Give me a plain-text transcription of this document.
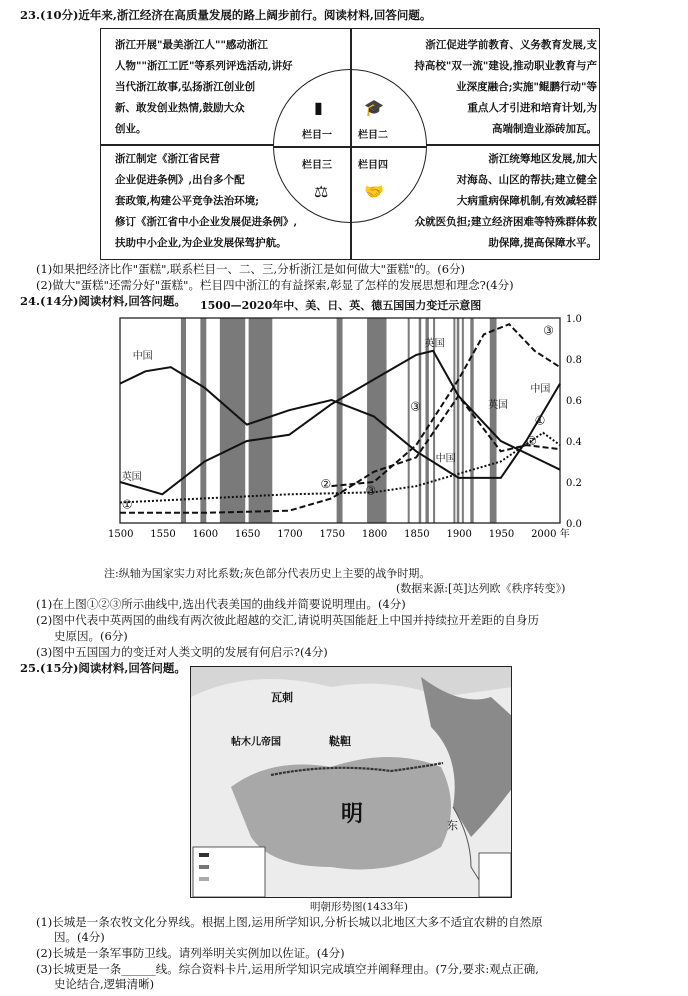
23.(10分)近年来,浙江经济在高质量发展的路上阔步前行。阅读材料,回答问题。
浙江开展"最美浙江人""感动浙江
人物""浙江工匠"等系列评选活动,讲好
当代浙江故事,弘扬浙江创业创
新、敢发创业热情,鼓励大众
创业。
浙江促进学前教育、义务教育发展,支
持高校"双一流"建设,推动职业教育与产
业深度融合;实施"鲲鹏行动"等
重点人才引进和培育计划,为
高端制造业添砖加瓦。
浙江制定《浙江省民营
企业促进条例》,出台多个配
套政策,构建公平竞争法治环境;
修订《浙江省中小企业发展促进条例》,
扶助中小企业,为企业发展保驾护航。
浙江统筹地区发展,加大
对海岛、山区的帮扶;建立健全
大病重病保障机制,有效减轻群
众就医负担;建立经济困难等特殊群体救
助保障,提高保障水平。
▮	🎓
⚖ 🤝
栏目一	栏目二
栏目三	栏目四
(1)如果把经济比作"蛋糕",联系栏目一、二、三,分析浙江是如何做大"蛋糕"的。(6分)
(2)做大"蛋糕"还需分好"蛋糕"。栏目四中浙江的有益探索,彰显了怎样的发展思想和理念?(4分)
24.(14分)阅读材料,回答问题。 1500—2020年中、美、日、英、德五国国力变迁示意图
中国
英国
英国
中国
英国
中国
①
①
②
②
③
③
③
1500 1550 1600 1650 1700 1750 1800 1850 1900 1950 2000 年
0.0
0.2
0.4
0.6
0.8
1.0
注:纵轴为国家实力对比系数;灰色部分代表历史上主要的战争时期。
(数据来源:[英]达列欧《秩序转变》)
(1)在上图①②③所示曲线中,选出代表美国的曲线并简要说明理由。(4分)
(2)图中代表中英两国的曲线有两次彼此超越的交汇,请说明英国能赶上中国并持续拉开差距的自身历
史原因。(6分)
(3)图中五国国力的变迁对人类文明的发展有何启示?(4分)
25.(15分)阅读材料,回答问题。
瓦刺
鞑靼
帖木儿帝国
明	东
明朝形势图(1433年)
(1)长城是一条农牧文化分界线。根据上图,运用所学知识,分析长城以北地区大多不适宜农耕的自然原
因。(4分)
(2)长城是一条军事防卫线。请列举明关实例加以佐证。(4分)
(3)长城更是一条______线。综合资料卡片,运用所学知识完成填空并阐释理由。(7分,要求:观点正确,
史论结合,逻辑清晰)
